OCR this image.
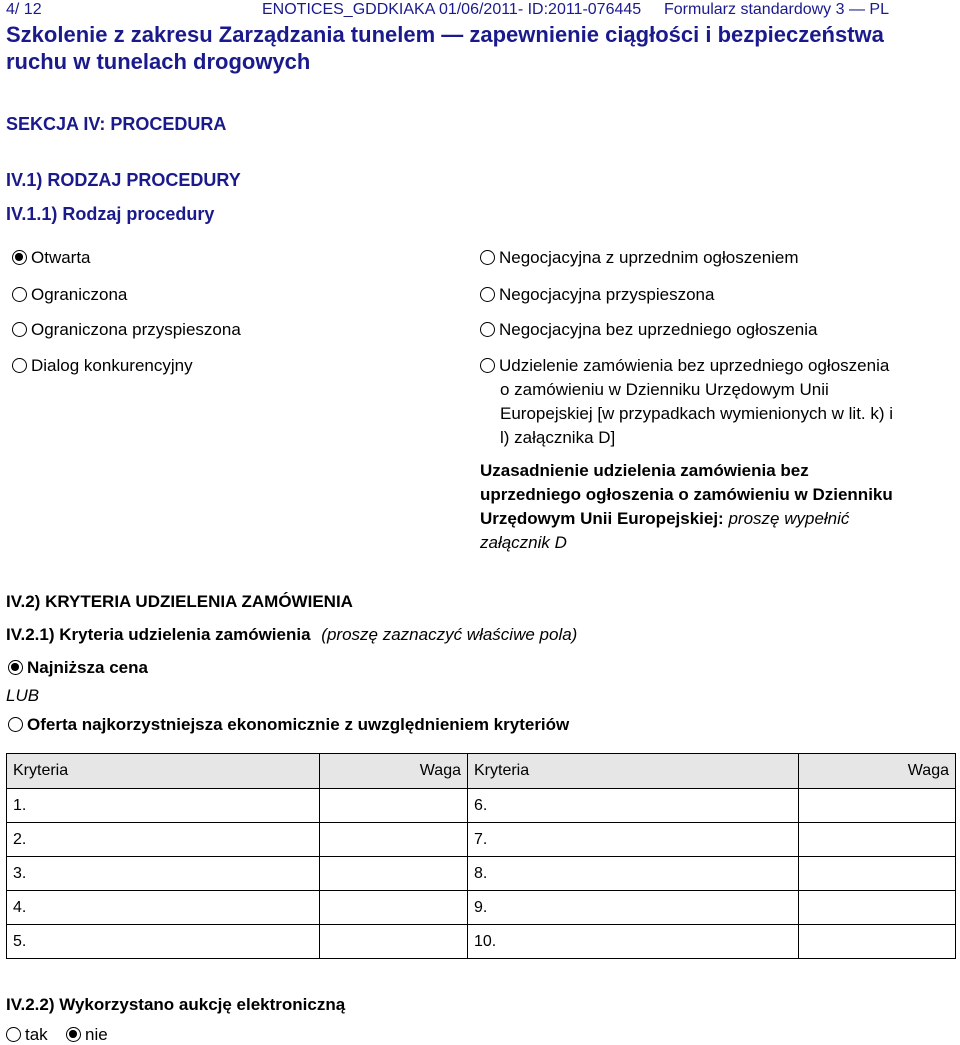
4/ 12	ENOTICES_GDDKIAKA 01/06/2011- ID:2011-076445 Formularz standardowy 3 — PL
Szkolenie z zakresu Zarządzania tunelem — zapewnienie ciągłości i bezpieczeństwa
ruchu w tunelach drogowych
SEKCJA IV: PROCEDURA
IV.1) RODZAJ PROCEDURY
IV.1.1) Rodzaj procedury
Otwarta
Ograniczona
Ograniczona przyspieszona
Dialog konkurencyjny
Negocjacyjna z uprzednim ogłoszeniem
Negocjacyjna przyspieszona
Negocjacyjna bez uprzedniego ogłoszenia
Udzielenie zamówienia bez uprzedniego ogłoszenia
o zamówieniu w Dzienniku Urzędowym Unii
Europejskiej [w przypadkach wymienionych w lit. k) i
l) załącznika D]
Uzasadnienie udzielenia zamówienia bez
uprzedniego ogłoszenia o zamówieniu w Dzienniku
Urzędowym Unii Europejskiej: proszę wypełnić
załącznik D
IV.2) KRYTERIA UDZIELENIA ZAMÓWIENIA
IV.2.1) Kryteria udzielenia zamówienia (proszę zaznaczyć właściwe pola)
Najniższa cena
LUB
Oferta najkorzystniejsza ekonomicznie z uwzględnieniem kryteriów
Kryteria	Waga	Kryteria	Waga
1.		6.	
2.		7.	
3.		8.	
4.		9.	
5.		10.	
IV.2.2) Wykorzystano aukcję elektroniczną
tak	nie
